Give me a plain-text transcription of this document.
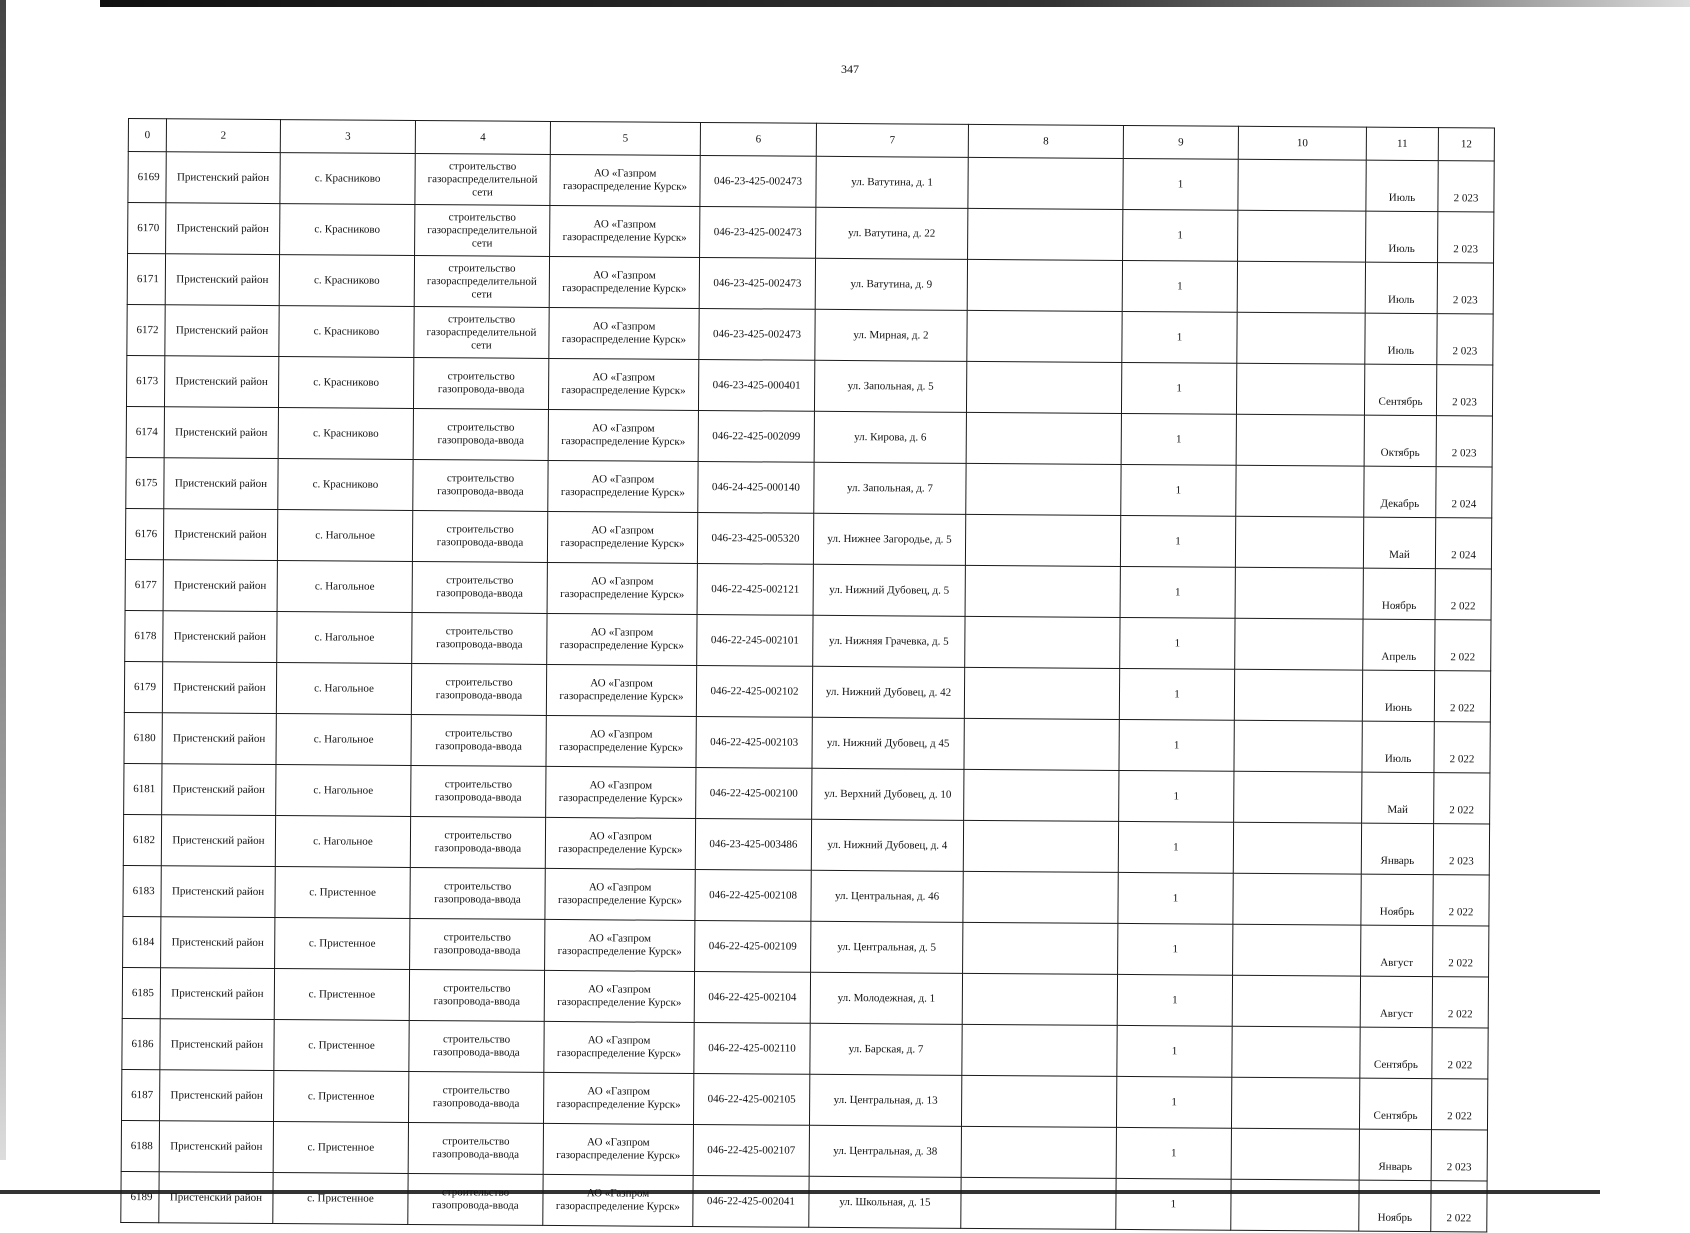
347
0	2	3	4	5	6	7	8	9	10	11	12
6169	Пристенский район	с. Красниково	строительство газораспределительной сети	АО «Газпром газораспределение Курск»	046-23-425-002473	ул. Ватутина, д. 1		1		Июль	2 023
6170	Пристенский район	с. Красниково	строительство газораспределительной сети	АО «Газпром газораспределение Курск»	046-23-425-002473	ул. Ватутина, д. 22		1		Июль	2 023
6171	Пристенский район	с. Красниково	строительство газораспределительной сети	АО «Газпром газораспределение Курск»	046-23-425-002473	ул. Ватутина, д. 9		1		Июль	2 023
6172	Пристенский район	с. Красниково	строительство газораспределительной сети	АО «Газпром газораспределение Курск»	046-23-425-002473	ул. Мирная, д. 2		1		Июль	2 023
6173	Пристенский район	с. Красниково	строительство газопровода-ввода	АО «Газпром газораспределение Курск»	046-23-425-000401	ул. Запольная, д. 5		1		Сентябрь	2 023
6174	Пристенский район	с. Красниково	строительство газопровода-ввода	АО «Газпром газораспределение Курск»	046-22-425-002099	ул. Кирова, д. 6		1		Октябрь	2 023
6175	Пристенский район	с. Красниково	строительство газопровода-ввода	АО «Газпром газораспределение Курск»	046-24-425-000140	ул. Запольная, д. 7		1		Декабрь	2 024
6176	Пристенский район	с. Нагольное	строительство газопровода-ввода	АО «Газпром газораспределение Курск»	046-23-425-005320	ул. Нижнее Загородье, д. 5		1		Май	2 024
6177	Пристенский район	с. Нагольное	строительство газопровода-ввода	АО «Газпром газораспределение Курск»	046-22-425-002121	ул. Нижний Дубовец, д. 5		1		Ноябрь	2 022
6178	Пристенский район	с. Нагольное	строительство газопровода-ввода	АО «Газпром газораспределение Курск»	046-22-245-002101	ул. Нижняя Грачевка, д. 5		1		Апрель	2 022
6179	Пристенский район	с. Нагольное	строительство газопровода-ввода	АО «Газпром газораспределение Курск»	046-22-425-002102	ул. Нижний Дубовец, д. 42		1		Июнь	2 022
6180	Пристенский район	с. Нагольное	строительство газопровода-ввода	АО «Газпром газораспределение Курск»	046-22-425-002103	ул. Нижний Дубовец, д 45		1		Июль	2 022
6181	Пристенский район	с. Нагольное	строительство газопровода-ввода	АО «Газпром газораспределение Курск»	046-22-425-002100	ул. Верхний Дубовец, д. 10		1		Май	2 022
6182	Пристенский район	с. Нагольное	строительство газопровода-ввода	АО «Газпром газораспределение Курск»	046-23-425-003486	ул. Нижний Дубовец, д. 4		1		Январь	2 023
6183	Пристенский район	с. Пристенное	строительство газопровода-ввода	АО «Газпром газораспределение Курск»	046-22-425-002108	ул. Центральная, д. 46		1		Ноябрь	2 022
6184	Пристенский район	с. Пристенное	строительство газопровода-ввода	АО «Газпром газораспределение Курск»	046-22-425-002109	ул. Центральная, д. 5		1		Август	2 022
6185	Пристенский район	с. Пристенное	строительство газопровода-ввода	АО «Газпром газораспределение Курск»	046-22-425-002104	ул. Молодежная, д. 1		1		Август	2 022
6186	Пристенский район	с. Пристенное	строительство газопровода-ввода	АО «Газпром газораспределение Курск»	046-22-425-002110	ул. Барская, д. 7		1		Сентябрь	2 022
6187	Пристенский район	с. Пристенное	строительство газопровода-ввода	АО «Газпром газораспределение Курск»	046-22-425-002105	ул. Центральная, д. 13		1		Сентябрь	2 022
6188	Пристенский район	с. Пристенное	строительство газопровода-ввода	АО «Газпром газораспределение Курск»	046-22-425-002107	ул. Центральная, д. 38		1		Январь	2 023
6189	Пристенский район	с. Пристенное	строительство газопровода-ввода	АО «Газпром газораспределение Курск»	046-22-425-002041	ул. Школьная, д. 15		1		Ноябрь	2 022
